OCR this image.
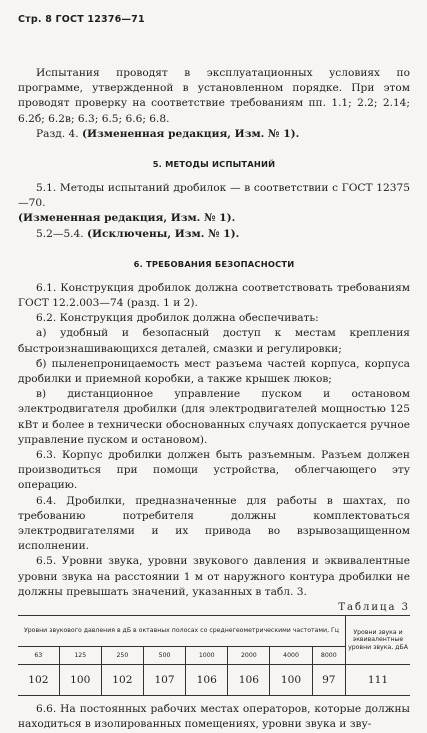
Стр. 8 ГОСТ 12376—71

Испытания проводят в эксплуатационных условиях по программе, утвержденной в установленном порядке. При этом проводят проверку на соответствие требованиям пп. 1.1; 2.2; 2.14; 6.2б; 6.2в; 6.3; 6.5; 6.6; 6.8.

Разд. 4. (Измененная редакция, Изм. № 1).

5. МЕТОДЫ ИСПЫТАНИЙ

5.1. Методы испытаний дробилок — в соответствии с ГОСТ 12375—70.

(Измененная редакция, Изм. № 1).

5.2—5.4. (Исключены, Изм. № 1).

6. ТРЕБОВАНИЯ БЕЗОПАСНОСТИ

6.1. Конструкция дробилок должна соответствовать требованиям ГОСТ 12.2.003—74 (разд. 1 и 2).

6.2. Конструкция дробилок должна обеспечивать:

а) удобный и безопасный доступ к местам крепления быстроизнашивающихся деталей, смазки и регулировки;

б) пыленепроницаемость мест разъема частей корпуса, корпуса дробилки и приемной коробки, а также крышек люков;

в) дистанционное управление пуском и остановом электродвигателя дробилки (для электродвигателей мощностью 125 кВт и более в технически обоснованных случаях допускается ручное управление пуском и остановом).

6.3. Корпус дробилки должен быть разъемным. Разъем должен производиться при помощи устройства, облегчающего эту операцию.

6.4. Дробилки, предназначенные для работы в шахтах, по требованию потребителя должны комплектоваться электродвигателями и их привода во взрывозащищенном исполнении.

6.5. Уровни звука, уровни звукового давления и эквивалентные уровни звука на расстоянии 1 м от наружного контура дробилки не должны превышать значений, указанных в табл. 3.

Таблица 3
Уровни звукового давления в дБ в октавных полосах со среднегеометрическими частотами, Гц								Уровни звука и эквивалентные уровни звука, дБА
63	125	250	500	1000	2000	4000	8000	
102	100	102	107	106	106	100	97	111

6.6. На постоянных рабочих местах операторов, которые должны находиться в изолированных помещениях, уровни звука и зву-
